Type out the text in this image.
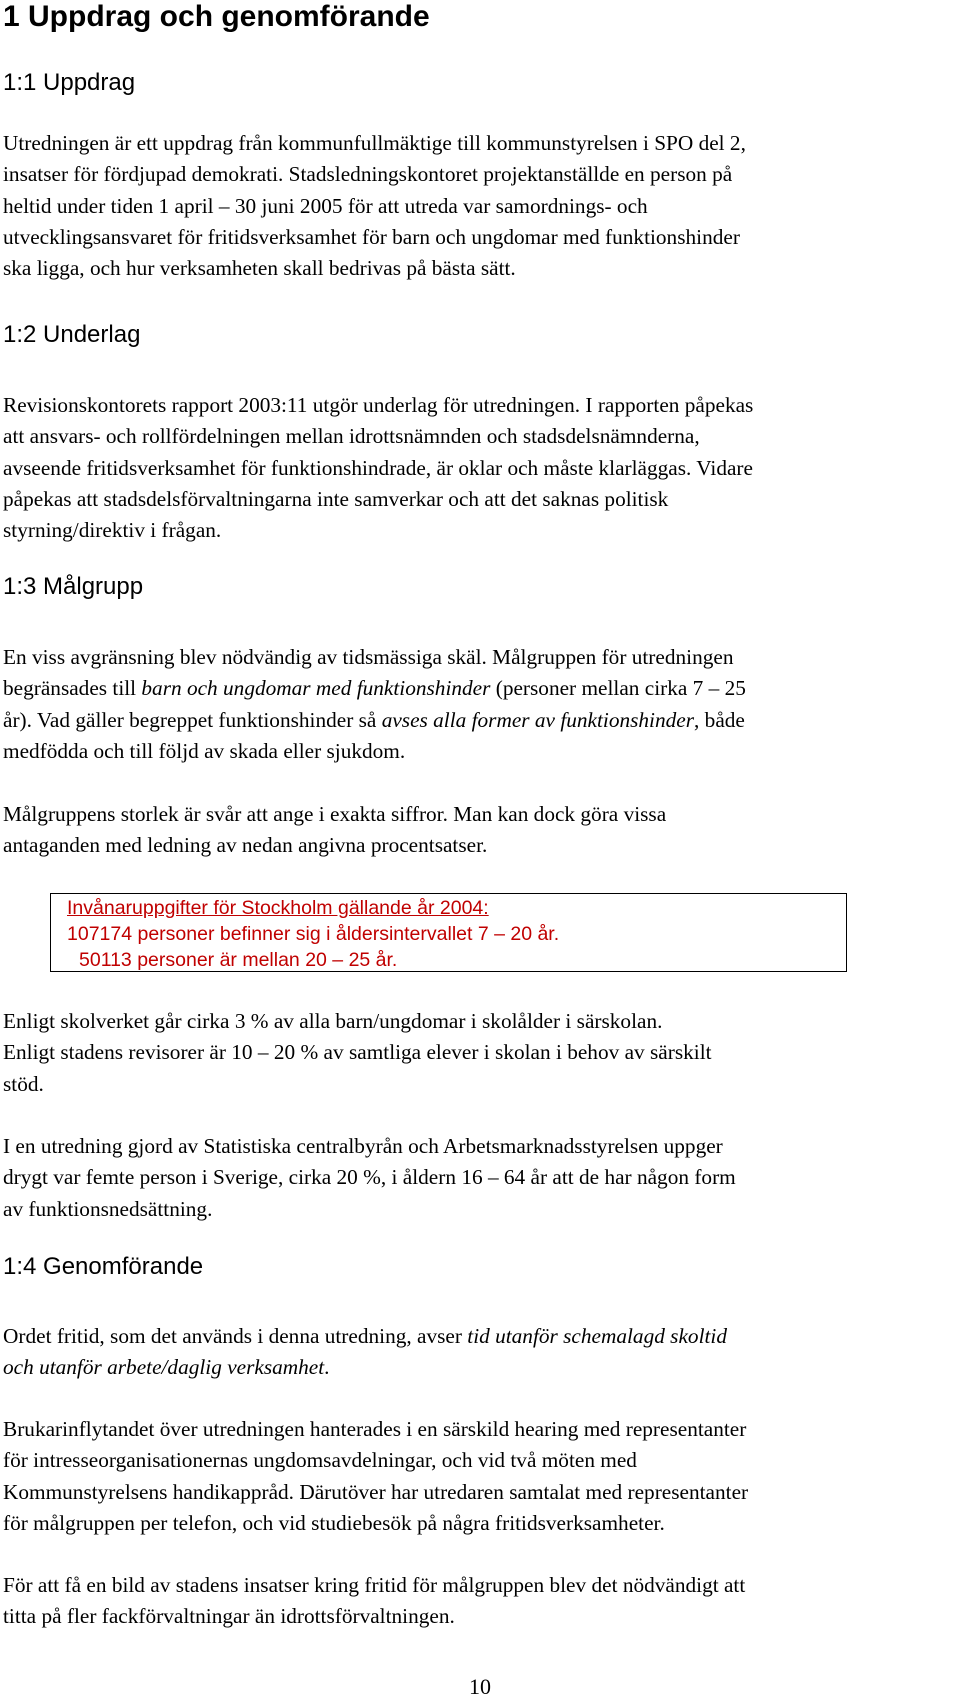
1 Uppdrag och genomförande
1:1 Uppdrag
Utredningen är ett uppdrag från kommunfullmäktige till kommunstyrelsen i SPO del 2,
insatser för fördjupad demokrati. Stadsledningskontoret projektanställde en person på
heltid under tiden 1 april – 30 juni 2005 för att utreda var samordnings- och
utvecklingsansvaret för fritidsverksamhet för barn och ungdomar med funktionshinder
ska ligga, och hur verksamheten skall bedrivas på bästa sätt.
1:2 Underlag
Revisionskontorets rapport 2003:11 utgör underlag för utredningen. I rapporten påpekas
att ansvars- och rollfördelningen mellan idrottsnämnden och stadsdelsnämnderna,
avseende fritidsverksamhet för funktionshindrade, är oklar och måste klarläggas. Vidare
påpekas att stadsdelsförvaltningarna inte samverkar och att det saknas politisk
styrning/direktiv i frågan.
1:3 Målgrupp
En viss avgränsning blev nödvändig av tidsmässiga skäl. Målgruppen för utredningen
begränsades till barn och ungdomar med funktionshinder (personer mellan cirka 7 – 25
år). Vad gäller begreppet funktionshinder så avses alla former av funktionshinder, både
medfödda och till följd av skada eller sjukdom.
Målgruppens storlek är svår att ange i exakta siffror. Man kan dock göra vissa
antaganden med ledning av nedan angivna procentsatser.
Invånaruppgifter för Stockholm gällande år 2004:
107174 personer befinner sig i åldersintervallet 7 – 20 år.
50113 personer är mellan 20 – 25 år.
Enligt skolverket går cirka 3 % av alla barn/ungdomar i skolålder i särskolan.
Enligt stadens revisorer är 10 – 20 % av samtliga elever i skolan i behov av särskilt
stöd.
I en utredning gjord av Statistiska centralbyrån och Arbetsmarknadsstyrelsen uppger
drygt var femte person i Sverige, cirka 20 %, i åldern 16 – 64 år att de har någon form
av funktionsnedsättning.
1:4 Genomförande
Ordet fritid, som det används i denna utredning, avser tid utanför schemalagd skoltid
och utanför arbete/daglig verksamhet.
Brukarinflytandet över utredningen hanterades i en särskild hearing med representanter
för intresseorganisationernas ungdomsavdelningar, och vid två möten med
Kommunstyrelsens handikappråd. Därutöver har utredaren samtalat med representanter
för målgruppen per telefon, och vid studiebesök på några fritidsverksamheter.
För att få en bild av stadens insatser kring fritid för målgruppen blev det nödvändigt att
titta på fler fackförvaltningar än idrottsförvaltningen.
10
